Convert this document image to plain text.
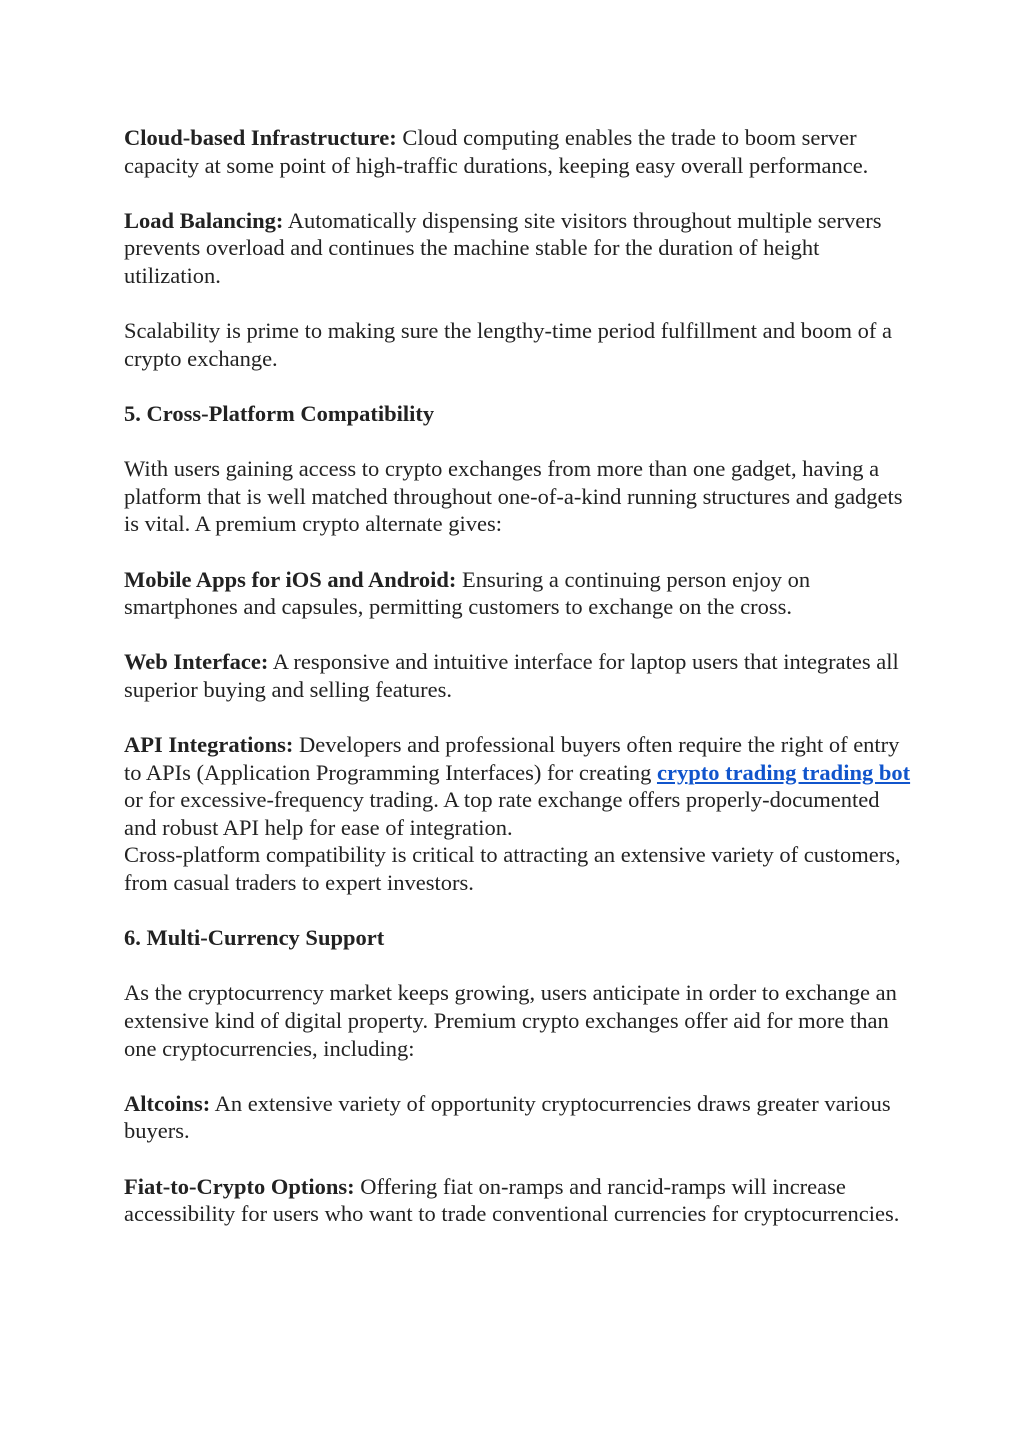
Cloud-based Infrastructure: Cloud computing enables the trade to boom server capacity at some point of high-traffic durations, keeping easy overall performance.

Load Balancing: Automatically dispensing site visitors throughout multiple servers prevents overload and continues the machine stable for the duration of height utilization.

Scalability is prime to making sure the lengthy-time period fulfillment and boom of a crypto exchange.

5. Cross-Platform Compatibility

With users gaining access to crypto exchanges from more than one gadget, having a platform that is well matched throughout one-of-a-kind running structures and gadgets is vital. A premium crypto alternate gives:

Mobile Apps for iOS and Android: Ensuring a continuing person enjoy on smartphones and capsules, permitting customers to exchange on the cross.

Web Interface: A responsive and intuitive interface for laptop users that integrates all superior buying and selling features.

API Integrations: Developers and professional buyers often require the right of entry to APIs (Application Programming Interfaces) for creating crypto trading trading bot or for excessive-frequency trading. A top rate exchange offers properly-documented and robust API help for ease of integration.

Cross-platform compatibility is critical to attracting an extensive variety of customers, from casual traders to expert investors.

6. Multi-Currency Support

As the cryptocurrency market keeps growing, users anticipate in order to exchange an extensive kind of digital property. Premium crypto exchanges offer aid for more than one cryptocurrencies, including:

Altcoins: An extensive variety of opportunity cryptocurrencies draws greater various buyers.

Fiat-to-Crypto Options: Offering fiat on-ramps and rancid-ramps will increase accessibility for users who want to trade conventional currencies for cryptocurrencies.
